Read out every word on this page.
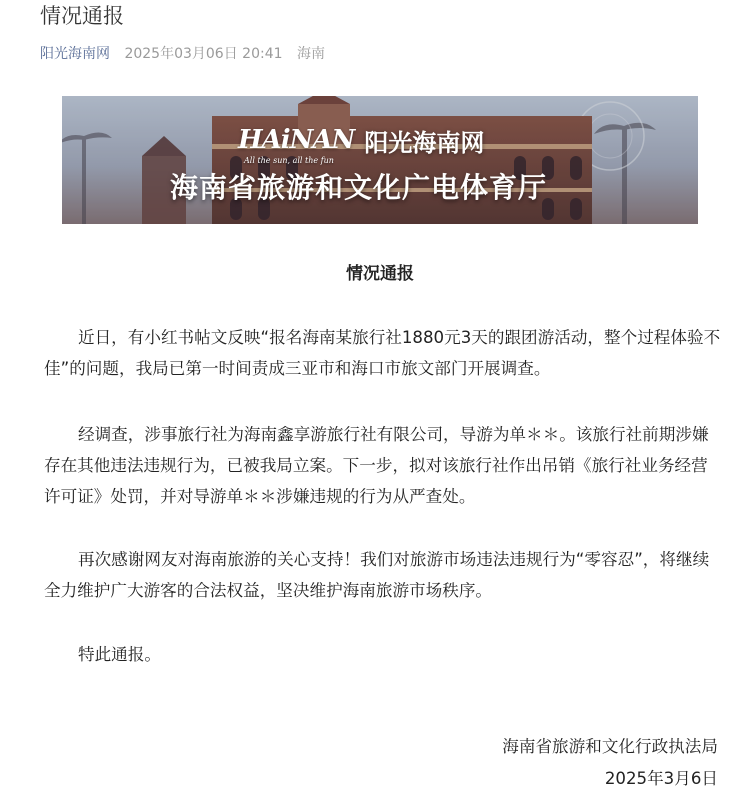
情况通报
阳光海南网 2025年03月06日 20:41 海南
HAiNAN 阳光海南网
All the sun, all the fun
海南省旅游和文化广电体育厅
情况通报
近日，有小红书帖文反映“报名海南某旅行社1880元3天的跟团游活动，整个过程体验不佳”的问题，我局已第一时间责成三亚市和海口市旅文部门开展调查。
经调查，涉事旅行社为海南鑫享游旅行社有限公司，导游为单＊＊。该旅行社前期涉嫌存在其他违法违规行为，已被我局立案。下一步，拟对该旅行社作出吊销《旅行社业务经营许可证》处罚，并对导游单＊＊涉嫌违规的行为从严查处。
再次感谢网友对海南旅游的关心支持！我们对旅游市场违法违规行为“零容忍”，将继续全力维护广大游客的合法权益，坚决维护海南旅游市场秩序。
特此通报。
海南省旅游和文化行政执法局
2025年3月6日
